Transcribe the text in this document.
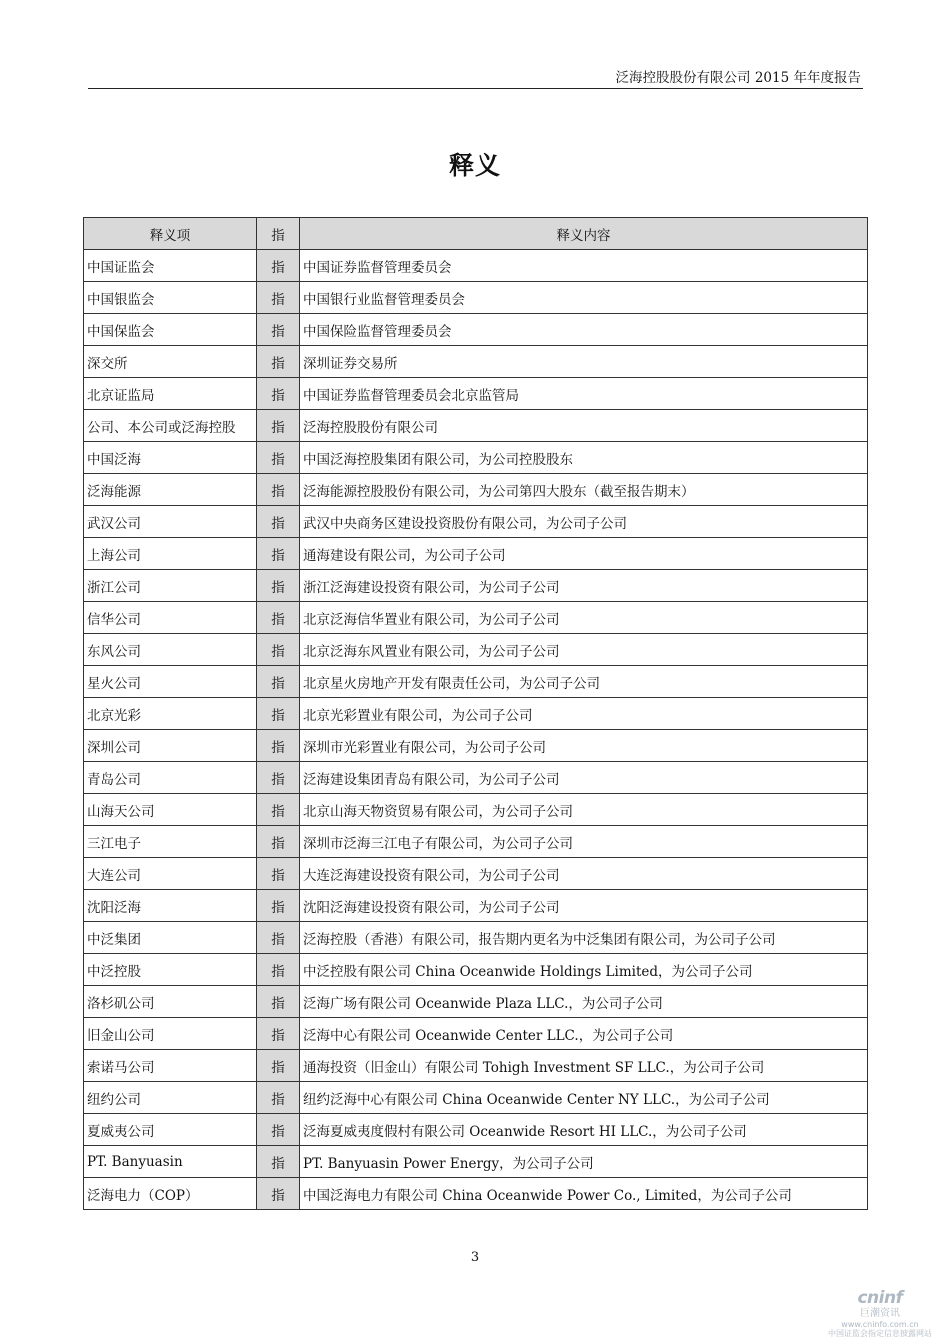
泛海控股股份有限公司 2015 年年度报告
释义
释义项	指	释义内容
中国证监会	指	中国证券监督管理委员会
中国银监会	指	中国银行业监督管理委员会
中国保监会	指	中国保险监督管理委员会
深交所	指	深圳证券交易所
北京证监局	指	中国证券监督管理委员会北京监管局
公司、本公司或泛海控股	指	泛海控股股份有限公司
中国泛海	指	中国泛海控股集团有限公司，为公司控股股东
泛海能源	指	泛海能源控股股份有限公司，为公司第四大股东（截至报告期末）
武汉公司	指	武汉中央商务区建设投资股份有限公司，为公司子公司
上海公司	指	通海建设有限公司，为公司子公司
浙江公司	指	浙江泛海建设投资有限公司，为公司子公司
信华公司	指	北京泛海信华置业有限公司，为公司子公司
东风公司	指	北京泛海东风置业有限公司，为公司子公司
星火公司	指	北京星火房地产开发有限责任公司，为公司子公司
北京光彩	指	北京光彩置业有限公司，为公司子公司
深圳公司	指	深圳市光彩置业有限公司，为公司子公司
青岛公司	指	泛海建设集团青岛有限公司，为公司子公司
山海天公司	指	北京山海天物资贸易有限公司，为公司子公司
三江电子	指	深圳市泛海三江电子有限公司，为公司子公司
大连公司	指	大连泛海建设投资有限公司，为公司子公司
沈阳泛海	指	沈阳泛海建设投资有限公司，为公司子公司
中泛集团	指	泛海控股（香港）有限公司，报告期内更名为中泛集团有限公司，为公司子公司
中泛控股	指	中泛控股有限公司 China Oceanwide Holdings Limited，为公司子公司
洛杉矶公司	指	泛海广场有限公司 Oceanwide Plaza LLC.，为公司子公司
旧金山公司	指	泛海中心有限公司 Oceanwide Center LLC.，为公司子公司
索诺马公司	指	通海投资（旧金山）有限公司 Tohigh Investment SF LLC.，为公司子公司
纽约公司	指	纽约泛海中心有限公司 China Oceanwide Center NY LLC.，为公司子公司
夏威夷公司	指	泛海夏威夷度假村有限公司 Oceanwide Resort HI LLC.，为公司子公司
PT. Banyuasin	指	PT. Banyuasin Power Energy，为公司子公司
泛海电力（COP）	指	中国泛海电力有限公司 China Oceanwide Power Co., Limited，为公司子公司
3
cninf
巨潮资讯
www.cninfo.com.cn
中国证监会指定信息披露网站
